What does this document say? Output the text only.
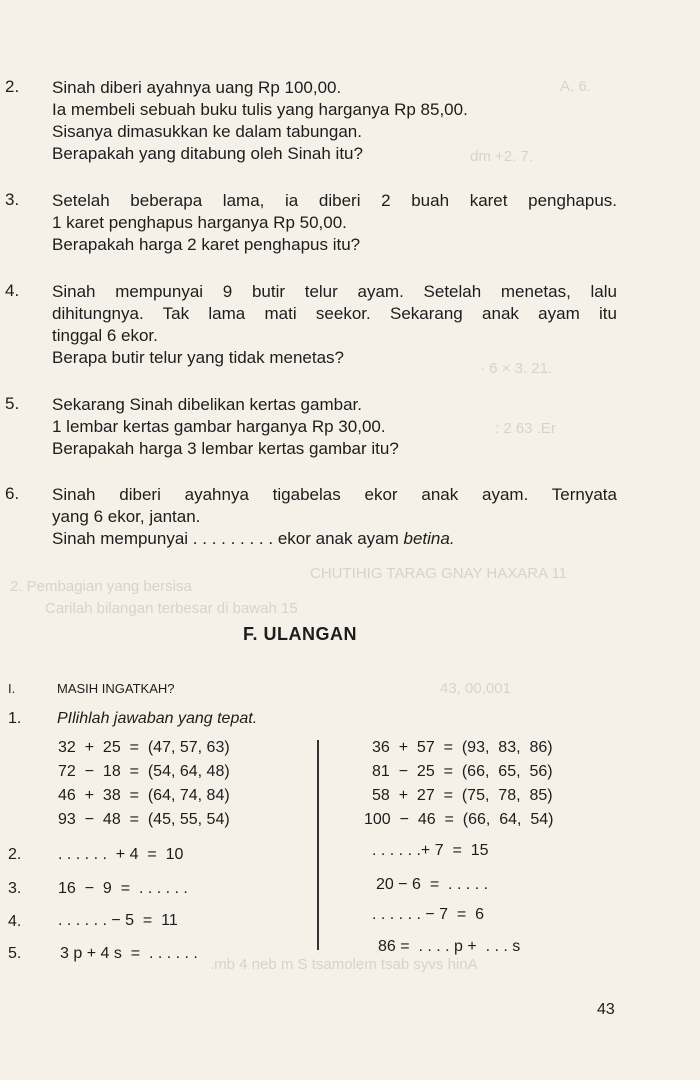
A. 6.
dm +2. 7.
· 6 × 3. 21.
: 2 63 .Er
CHUTIHIG TARAG GNAY HAXARA 11
2. Pembagian yang bersisa
Carilah bilangan terbesar di bawah 15
43, 00,001
.mb 4 neb m S tsamolem tsab syvs hinA
2. Sinah diberi ayahnya uang Rp 100,00.
Ia membeli sebuah buku tulis yang harganya Rp 85,00.
Sisanya dimasukkan ke dalam tabungan.
Berapakah yang ditabung oleh Sinah itu?
3. Setelah beberapa lama, ia diberi 2 buah karet penghapus.
1 karet penghapus harganya Rp 50,00.
Berapakah harga 2 karet penghapus itu?
4. Sinah mempunyai 9 butir telur ayam. Setelah menetas, lalu
dihitungnya. Tak lama mati seekor. Sekarang anak ayam itu
tinggal 6 ekor.
Berapa butir telur yang tidak menetas?
5. Sekarang Sinah dibelikan kertas gambar.
1 lembar kertas gambar harganya Rp 30,00.
Berapakah harga 3 lembar kertas gambar itu?
6. Sinah diberi ayahnya tigabelas ekor anak ayam. Ternyata
yang 6 ekor, jantan.
Sinah mempunyai . . . . . . . . . ekor anak ayam betina.
F. ULANGAN
I.	MASIH INGATKAH?
1. PIlihlah jawaban yang tepat.
32  +  25  =  (47, 57, 63)
72  −  18  =  (54, 64, 48)
46  +  38  =  (64, 74, 84)
93  −  48  =  (45, 55, 54)
36  +  57  =  (93,  83,  86)
81  −  25  =  (66,  65,  56)
58  +  27  =  (75,  78,  85)
100  −  46  =  (66,  64,  54)
2. . . . . . .  + 4  =  10	. . . . . .+ 7  =  15
3. 16  −  9  =  . . . . . .	20 − 6  =  . . . . .
4. . . . . . . − 5  =  11	. . . . . . − 7  =  6
5. 3 p + 4 s  =  . . . . . .	86 =  . . . . p +  . . . s
43
